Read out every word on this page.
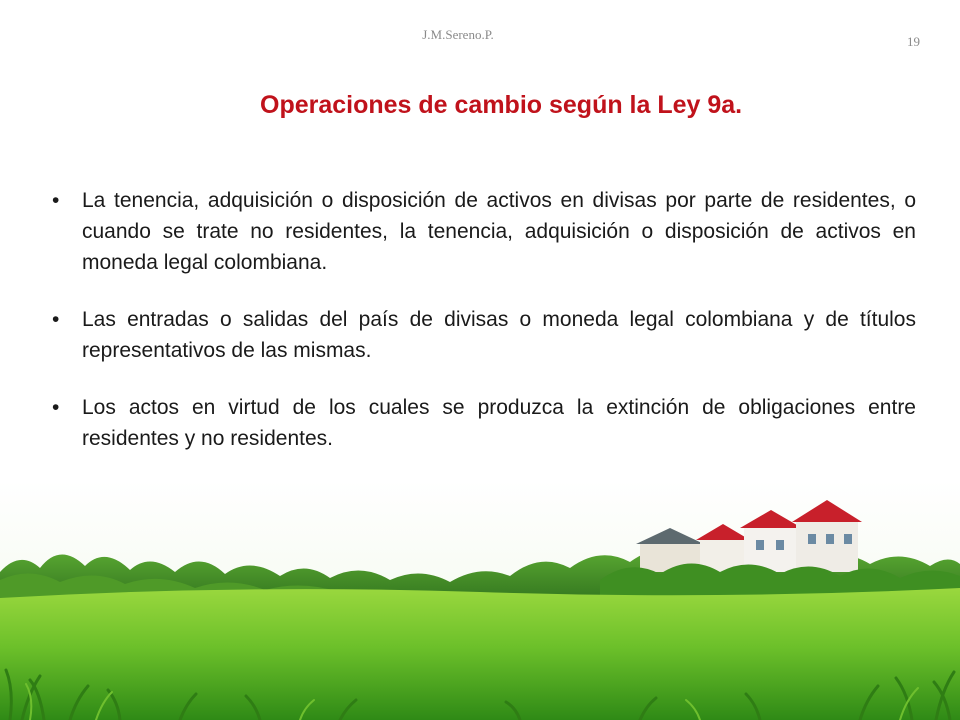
J.M.Sereno.P.	19
Operaciones de cambio según la Ley 9a.
•	La tenencia, adquisición o disposición de activos en divisas por parte de residentes, o cuando se trate no residentes, la tenencia, adquisición o disposición de activos en moneda legal colombiana.
•	Las entradas o salidas del país de divisas o moneda legal colombiana y de títulos representativos de las mismas.
•	Los actos en virtud de los cuales se produzca la extinción de obligaciones entre residentes y no residentes.
